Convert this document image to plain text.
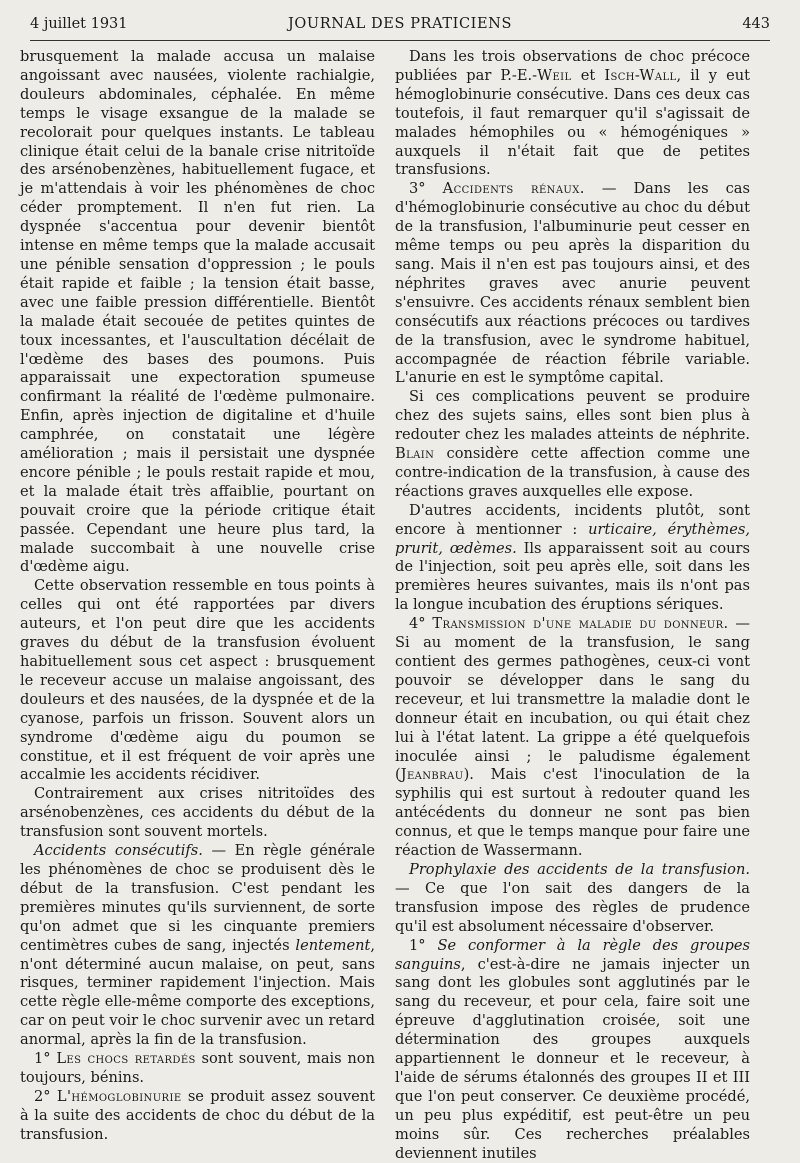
4 juillet 1931	JOURNAL DES PRATICIENS	443

brusquement la malade accusa un malaise angoissant avec nausées, violente rachialgie, douleurs abdominales, céphalée. En même temps le visage exsangue de la malade se recolorait pour quelques instants. Le tableau clinique était celui de la banale crise nitritoïde des arsénobenzènes, habituellement fugace, et je m'attendais à voir les phénomènes de choc céder promptement. Il n'en fut rien. La dyspnée s'accentua pour devenir bientôt intense en même temps que la malade accusait une pénible sensation d'oppression ; le pouls était rapide et faible ; la tension était basse, avec une faible pression différentielle. Bientôt la malade était secouée de petites quintes de toux incessantes, et l'auscultation décélait de l'œdème des bases des poumons. Puis apparaissait une expectoration spumeuse confirmant la réalité de l'œdème pulmonaire. Enfin, après injection de digitaline et d'huile camphrée, on constatait une légère amélioration ; mais il persistait une dyspnée encore pénible ; le pouls restait rapide et mou, et la malade était très affaiblie, pourtant on pouvait croire que la période critique était passée. Cependant une heure plus tard, la malade succombait à une nouvelle crise d'œdème aigu.

Cette observation ressemble en tous points à celles qui ont été rapportées par divers auteurs, et l'on peut dire que les accidents graves du début de la transfusion évoluent habituellement sous cet aspect : brusquement le receveur accuse un malaise angoissant, des douleurs et des nausées, de la dyspnée et de la cyanose, parfois un frisson. Souvent alors un syndrome d'œdème aigu du poumon se constitue, et il est fréquent de voir après une accalmie les accidents récidiver.

Contrairement aux crises nitritoïdes des arsénobenzènes, ces accidents du début de la transfusion sont souvent mortels.

Accidents consécutifs. — En règle générale les phénomènes de choc se produisent dès le début de la transfusion. C'est pendant les premières minutes qu'ils surviennent, de sorte qu'on admet que si les cinquante premiers centimètres cubes de sang, injectés lentement, n'ont déterminé aucun malaise, on peut, sans risques, terminer rapidement l'injection. Mais cette règle elle-même comporte des exceptions, car on peut voir le choc survenir avec un retard anormal, après la fin de la transfusion.

1° Les chocs retardés sont souvent, mais non toujours, bénins.

2° L'hémoglobinurie se produit assez souvent à la suite des accidents de choc du début de la transfusion.

Dans les trois observations de choc précoce publiées par P.-E.-Weil et Isch-Wall, il y eut hémoglobinurie consécutive. Dans ces deux cas toutefois, il faut remarquer qu'il s'agissait de malades hémophiles ou « hémogéniques » auxquels il n'était fait que de petites transfusions.

3° Accidents rénaux. — Dans les cas d'hémoglobinurie consécutive au choc du début de la transfusion, l'albuminurie peut cesser en même temps ou peu après la disparition du sang. Mais il n'en est pas toujours ainsi, et des néphrites graves avec anurie peuvent s'ensuivre. Ces accidents rénaux semblent bien consécutifs aux réactions précoces ou tardives de la transfusion, avec le syndrome habituel, accompagnée de réaction fébrile variable. L'anurie en est le symptôme capital.

Si ces complications peuvent se produire chez des sujets sains, elles sont bien plus à redouter chez les malades atteints de néphrite. Blain considère cette affection comme une contre-indication de la transfusion, à cause des réactions graves auxquelles elle expose.

D'autres accidents, incidents plutôt, sont encore à mentionner : urticaire, érythèmes, prurit, œdèmes. Ils apparaissent soit au cours de l'injection, soit peu après elle, soit dans les premières heures suivantes, mais ils n'ont pas la longue incubation des éruptions sériques.

4° Transmission d'une maladie du donneur. — Si au moment de la transfusion, le sang contient des germes pathogènes, ceux-ci vont pouvoir se développer dans le sang du receveur, et lui transmettre la maladie dont le donneur était en incubation, ou qui était chez lui à l'état latent. La grippe a été quelquefois inoculée ainsi ; le paludisme également (Jeanbrau). Mais c'est l'inoculation de la syphilis qui est surtout à redouter quand les antécédents du donneur ne sont pas bien connus, et que le temps manque pour faire une réaction de Wassermann.

Prophylaxie des accidents de la transfusion. — Ce que l'on sait des dangers de la transfusion impose des règles de prudence qu'il est absolument nécessaire d'observer.

1° Se conformer à la règle des groupes sanguins, c'est-à-dire ne jamais injecter un sang dont les globules sont agglutinés par le sang du receveur, et pour cela, faire soit une épreuve d'agglutination croisée, soit une détermination des groupes auxquels appartiennent le donneur et le receveur, à l'aide de sérums étalonnés des groupes II et III que l'on peut conserver. Ce deuxième procédé, un peu plus expéditif, est peut-être un peu moins sûr. Ces recherches préalables deviennent inutiles
